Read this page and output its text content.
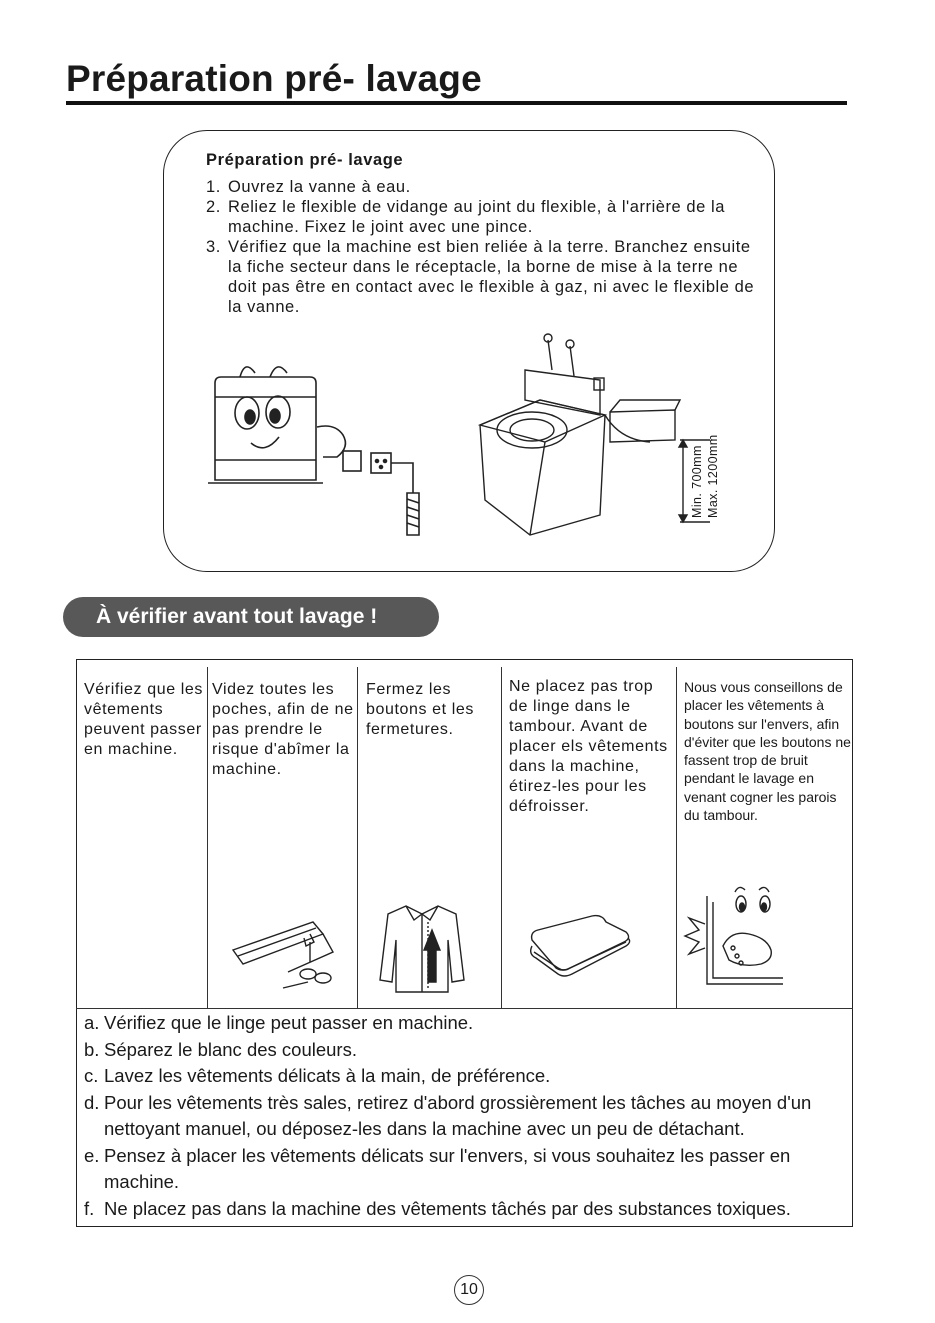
Préparation pré- lavage
Préparation pré- lavage
1. Ouvrez la vanne à eau.
2. Reliez le flexible de vidange au joint du flexible, à l'arrière de la machine. Fixez le joint avec une pince.
3. Vérifiez que la machine est bien reliée à la terre. Branchez ensuite la fiche secteur dans le réceptacle, la borne de mise à la terre ne doit pas être en contact avec le flexible à gaz, ni avec le flexible de la vanne.
Min. 700mm Max. 1200mm
À vérifier avant tout lavage !
Vérifiez que les vêtements peuvent passer en machine.
Videz toutes les poches, afin de ne pas prendre le risque d'abîmer la machine.
Fermez les boutons et les fermetures.
Ne placez pas trop de linge dans le tambour. Avant de placer els vêtements dans la machine, étirez-les pour les défroisser.
Nous vous conseillons de placer les vêtements à boutons sur l'envers, afin d'éviter que les boutons ne fassent trop de bruit pendant le lavage en venant cogner les parois du tambour.
a. Vérifiez que le linge peut passer en machine.
b. Séparez le blanc des couleurs.
c. Lavez les vêtements délicats à la main, de préférence.
d. Pour les vêtements très sales, retirez d'abord grossièrement les tâches au moyen d'un nettoyant manuel, ou déposez-les dans la machine avec un peu de détachant.
e. Pensez à placer les vêtements délicats sur l'envers, si vous souhaitez les passer en machine.
f. Ne placez pas dans la machine des vêtements tâchés par des substances toxiques.
10
